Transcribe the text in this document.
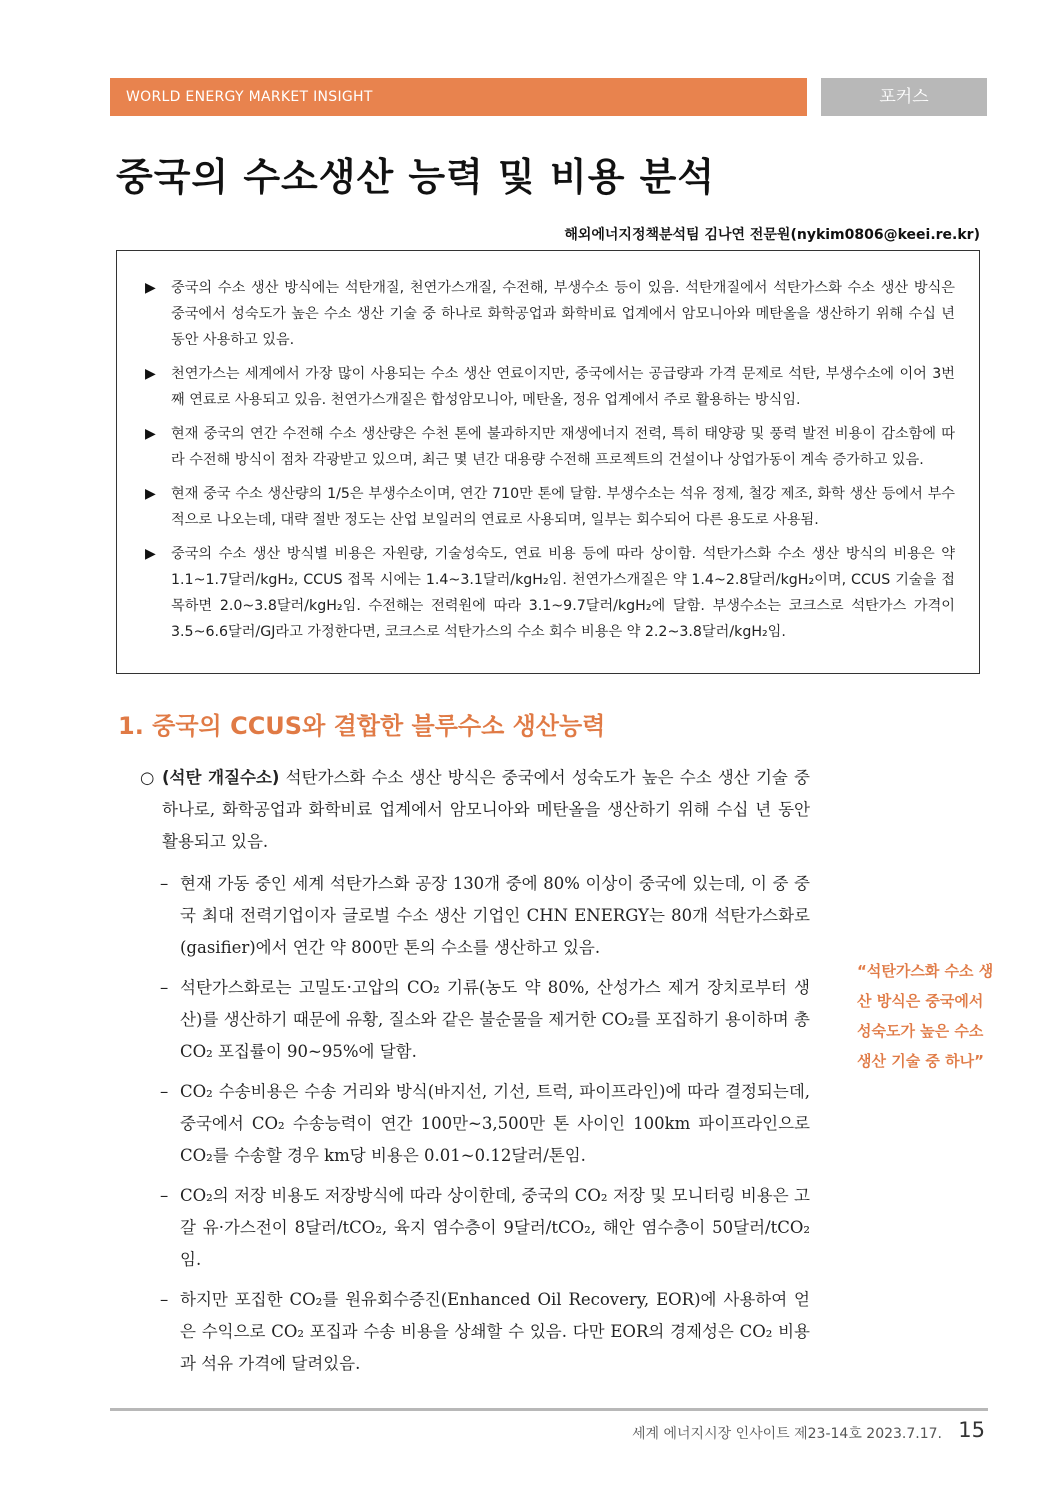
WORLD ENERGY MARKET INSIGHT	포커스
중국의 수소생산 능력 및 비용 분석
해외에너지정책분석팀 김나연 전문원(nykim0806@keei.re.kr)
▶	중국의 수소 생산 방식에는 석탄개질, 천연가스개질, 수전해, 부생수소 등이 있음. 석탄개질에서 석탄가스화 수소 생산 방식은 중국에서 성숙도가 높은 수소 생산 기술 중 하나로 화학공업과 화학비료 업계에서 암모니아와 메탄올을 생산하기 위해 수십 년 동안 사용하고 있음.
▶	천연가스는 세계에서 가장 많이 사용되는 수소 생산 연료이지만, 중국에서는 공급량과 가격 문제로 석탄, 부생수소에 이어 3번째 연료로 사용되고 있음. 천연가스개질은 합성암모니아, 메탄올, 정유 업계에서 주로 활용하는 방식임.
▶	현재 중국의 연간 수전해 수소 생산량은 수천 톤에 불과하지만 재생에너지 전력, 특히 태양광 및 풍력 발전 비용이 감소함에 따라 수전해 방식이 점차 각광받고 있으며, 최근 몇 년간 대용량 수전해 프로젝트의 건설이나 상업가동이 계속 증가하고 있음.
▶	현재 중국 수소 생산량의 1/5은 부생수소이며, 연간 710만 톤에 달함. 부생수소는 석유 정제, 철강 제조, 화학 생산 등에서 부수적으로 나오는데, 대략 절반 정도는 산업 보일러의 연료로 사용되며, 일부는 회수되어 다른 용도로 사용됨.
▶	중국의 수소 생산 방식별 비용은 자원량, 기술성숙도, 연료 비용 등에 따라 상이함. 석탄가스화 수소 생산 방식의 비용은 약 1.1~1.7달러/kgH₂, CCUS 접목 시에는 1.4~3.1달러/kgH₂임. 천연가스개질은 약 1.4~2.8달러/kgH₂이며, CCUS 기술을 접목하면 2.0~3.8달러/kgH₂임. 수전해는 전력원에 따라 3.1~9.7달러/kgH₂에 달함. 부생수소는 코크스로 석탄가스 가격이 3.5~6.6달러/GJ라고 가정한다면, 코크스로 석탄가스의 수소 회수 비용은 약 2.2~3.8달러/kgH₂임.
1. 중국의 CCUS와 결합한 블루수소 생산능력
○ (석탄 개질수소) 석탄가스화 수소 생산 방식은 중국에서 성숙도가 높은 수소 생산 기술 중 하나로, 화학공업과 화학비료 업계에서 암모니아와 메탄올을 생산하기 위해 수십 년 동안 활용되고 있음.
– 현재 가동 중인 세계 석탄가스화 공장 130개 중에 80% 이상이 중국에 있는데, 이 중 중국 최대 전력기업이자 글로벌 수소 생산 기업인 CHN ENERGY는 80개 석탄가스화로(gasifier)에서 연간 약 800만 톤의 수소를 생산하고 있음.
– 석탄가스화로는 고밀도·고압의 CO₂ 기류(농도 약 80%, 산성가스 제거 장치로부터 생산)를 생산하기 때문에 유황, 질소와 같은 불순물을 제거한 CO₂를 포집하기 용이하며 총 CO₂ 포집률이 90~95%에 달함.
– CO₂ 수송비용은 수송 거리와 방식(바지선, 기선, 트럭, 파이프라인)에 따라 결정되는데, 중국에서 CO₂ 수송능력이 연간 100만~3,500만 톤 사이인 100km 파이프라인으로 CO₂를 수송할 경우 km당 비용은 0.01~0.12달러/톤임.
– CO₂의 저장 비용도 저장방식에 따라 상이한데, 중국의 CO₂ 저장 및 모니터링 비용은 고갈 유·가스전이 8달러/tCO₂, 육지 염수층이 9달러/tCO₂, 해안 염수층이 50달러/tCO₂임.
– 하지만 포집한 CO₂를 원유회수증진(Enhanced Oil Recovery, EOR)에 사용하여 얻은 수익으로 CO₂ 포집과 수송 비용을 상쇄할 수 있음. 다만 EOR의 경제성은 CO₂ 비용과 석유 가격에 달려있음.
“석탄가스화 수소 생산 방식은 중국에서 성숙도가 높은 수소 생산 기술 중 하나”
세계 에너지시장 인사이트 제23-14호 2023.7.17. 15
